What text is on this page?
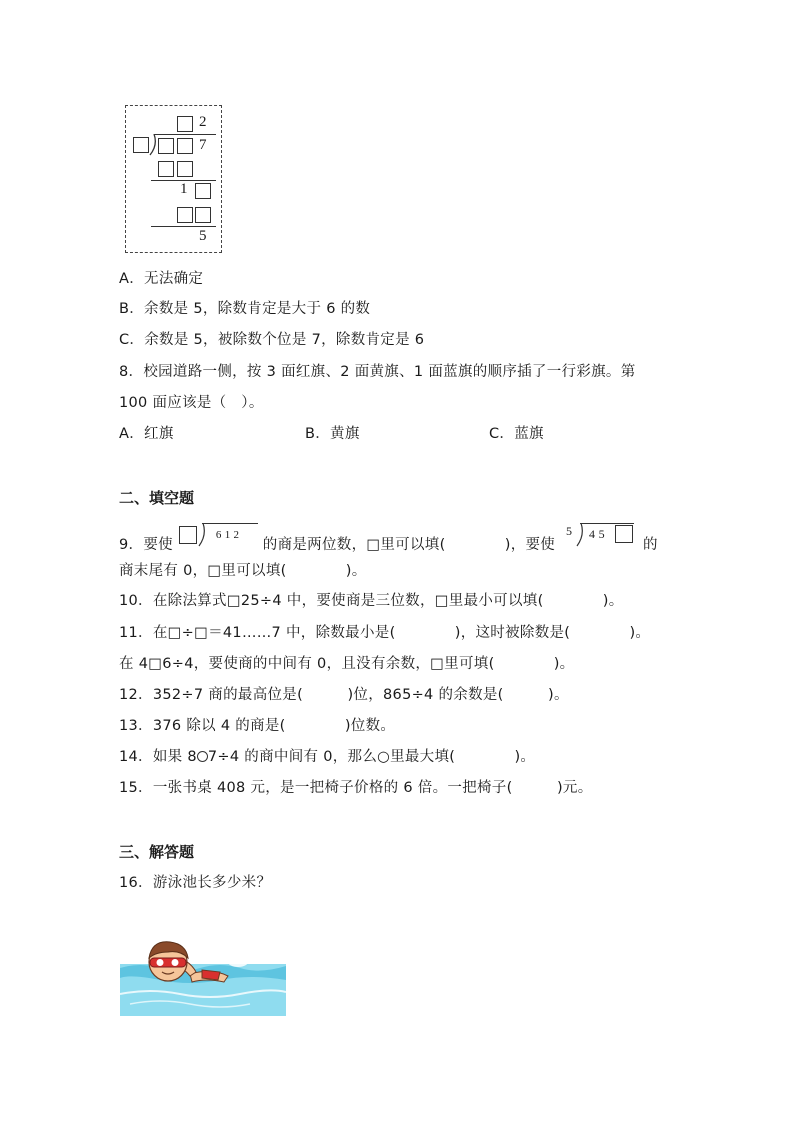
2
7
1
5
A．无法确定
B．余数是 5，除数肯定是大于 6 的数
C．余数是 5，被除数个位是 7，除数肯定是 6
8．校园道路一侧，按 3 面红旗、2 面黄旗、1 面蓝旗的顺序插了一行彩旗。第
100 面应该是（　）。
A．红旗	B．黄旗	C．蓝旗
二、填空题
9．要使
6 1 2
的商是两位数，□里可以填(　　　　)，要使
5 4 5
的
商末尾有 0，□里可以填(　　　　)。
10．在除法算式□25÷4 中，要使商是三位数，□里最小可以填(　　　　)。
11．在□÷□＝41……7 中，除数最小是(　　　　)，这时被除数是(　　　　)。
在 4□6÷4，要使商的中间有 0，且没有余数，□里可填(　　　　)。
12．352÷7 商的最高位是(　　　)位，865÷4 的余数是(　　　)。
13．376 除以 4 的商是(　　　　)位数。
14．如果 8 7÷4 的商中间有 0，那么○里最大填(　　　　)。
15．一张书桌 408 元，是一把椅子价格的 6 倍。一把椅子(　　　)元。
三、解答题
16．游泳池长多少米？
